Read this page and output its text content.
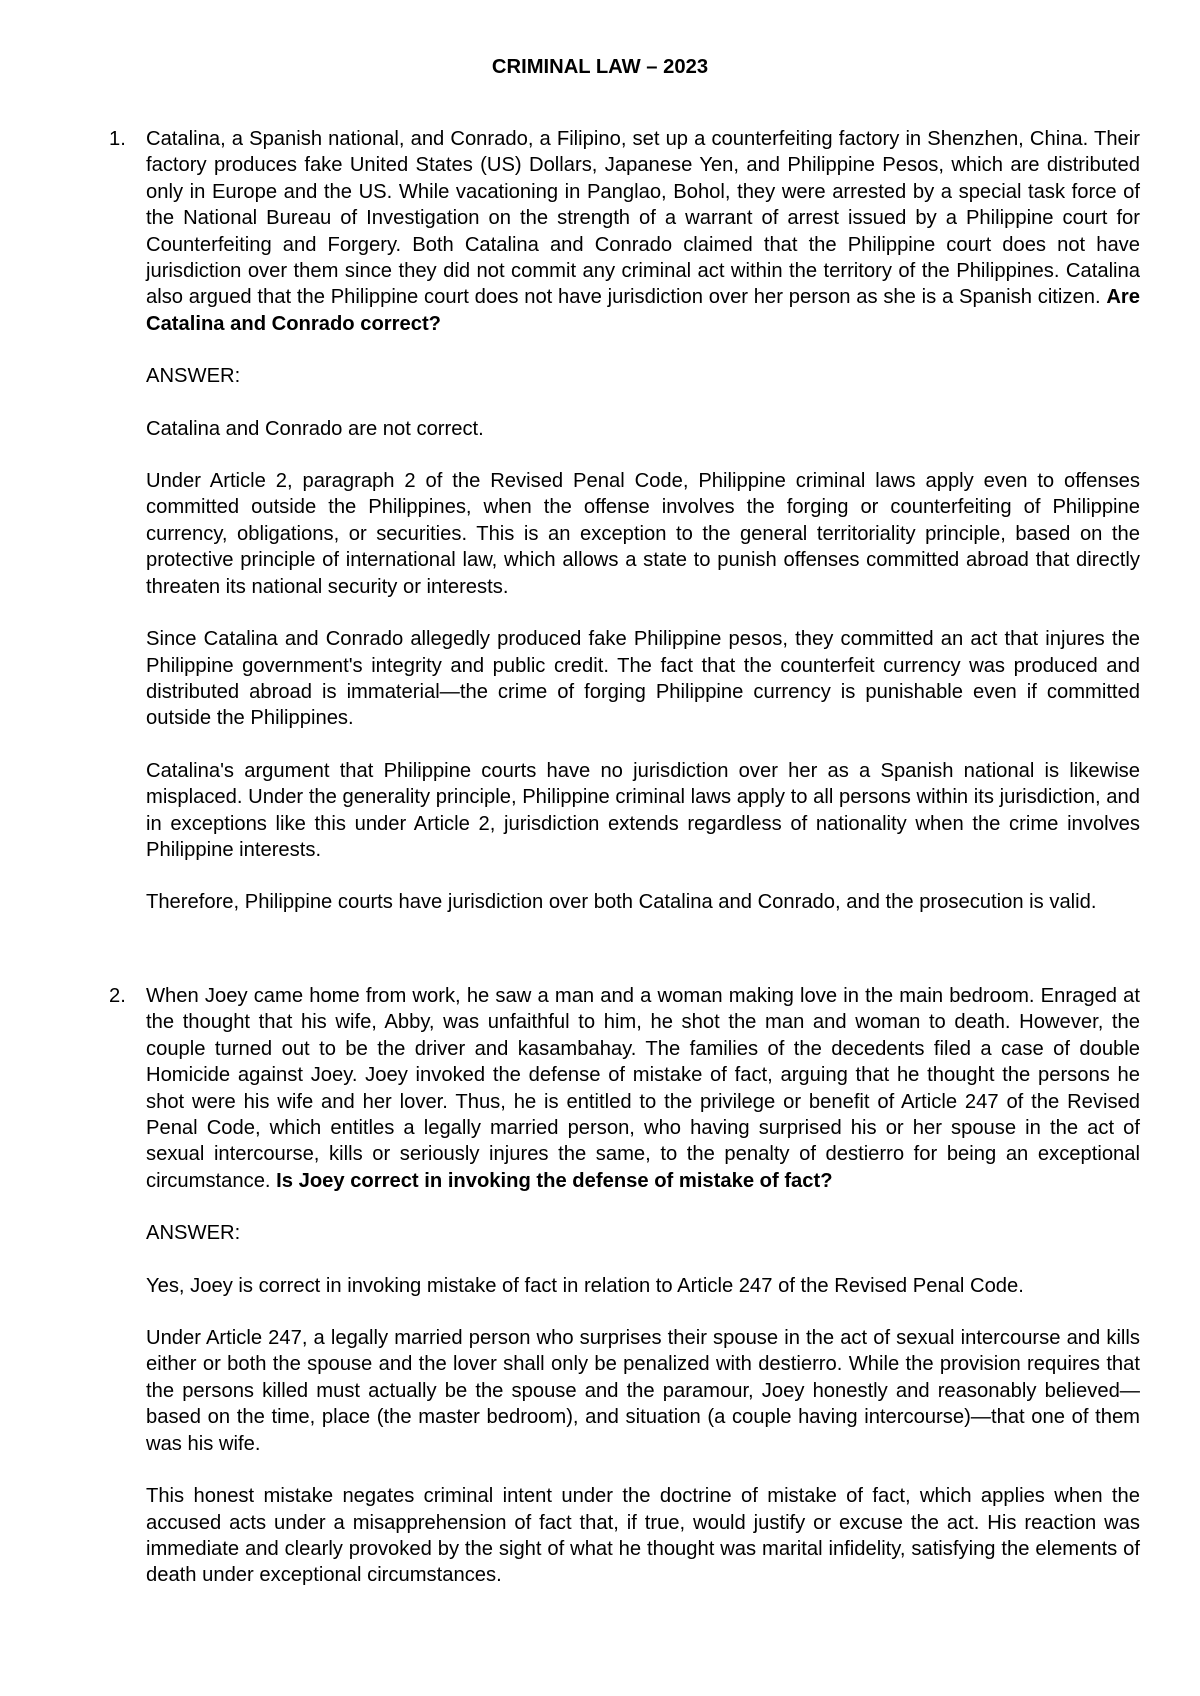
CRIMINAL LAW – 2023
1. Catalina, a Spanish national, and Conrado, a Filipino, set up a counterfeiting factory in Shenzhen, China. Their factory produces fake United States (US) Dollars, Japanese Yen, and Philippine Pesos, which are distributed only in Europe and the US. While vacationing in Panglao, Bohol, they were arrested by a special task force of the National Bureau of Investigation on the strength of a warrant of arrest issued by a Philippine court for Counterfeiting and Forgery. Both Catalina and Conrado claimed that the Philippine court does not have jurisdiction over them since they did not commit any criminal act within the territory of the Philippines. Catalina also argued that the Philippine court does not have jurisdiction over her person as she is a Spanish citizen. Are Catalina and Conrado correct?

ANSWER:

Catalina and Conrado are not correct.

Under Article 2, paragraph 2 of the Revised Penal Code, Philippine criminal laws apply even to offenses committed outside the Philippines, when the offense involves the forging or counterfeiting of Philippine currency, obligations, or securities. This is an exception to the general territoriality principle, based on the protective principle of international law, which allows a state to punish offenses committed abroad that directly threaten its national security or interests.

Since Catalina and Conrado allegedly produced fake Philippine pesos, they committed an act that injures the Philippine government's integrity and public credit. The fact that the counterfeit currency was produced and distributed abroad is immaterial—the crime of forging Philippine currency is punishable even if committed outside the Philippines.

Catalina's argument that Philippine courts have no jurisdiction over her as a Spanish national is likewise misplaced. Under the generality principle, Philippine criminal laws apply to all persons within its jurisdiction, and in exceptions like this under Article 2, jurisdiction extends regardless of nationality when the crime involves Philippine interests.

Therefore, Philippine courts have jurisdiction over both Catalina and Conrado, and the prosecution is valid.

2. When Joey came home from work, he saw a man and a woman making love in the main bedroom. Enraged at the thought that his wife, Abby, was unfaithful to him, he shot the man and woman to death. However, the couple turned out to be the driver and kasambahay. The families of the decedents filed a case of double Homicide against Joey. Joey invoked the defense of mistake of fact, arguing that he thought the persons he shot were his wife and her lover. Thus, he is entitled to the privilege or benefit of Article 247 of the Revised Penal Code, which entitles a legally married person, who having surprised his or her spouse in the act of sexual intercourse, kills or seriously injures the same, to the penalty of destierro for being an exceptional circumstance. Is Joey correct in invoking the defense of mistake of fact?

ANSWER:

Yes, Joey is correct in invoking mistake of fact in relation to Article 247 of the Revised Penal Code.

Under Article 247, a legally married person who surprises their spouse in the act of sexual intercourse and kills either or both the spouse and the lover shall only be penalized with destierro. While the provision requires that the persons killed must actually be the spouse and the paramour, Joey honestly and reasonably believed—based on the time, place (the master bedroom), and situation (a couple having intercourse)—that one of them was his wife.

This honest mistake negates criminal intent under the doctrine of mistake of fact, which applies when the accused acts under a misapprehension of fact that, if true, would justify or excuse the act. His reaction was immediate and clearly provoked by the sight of what he thought was marital infidelity, satisfying the elements of death under exceptional circumstances.
